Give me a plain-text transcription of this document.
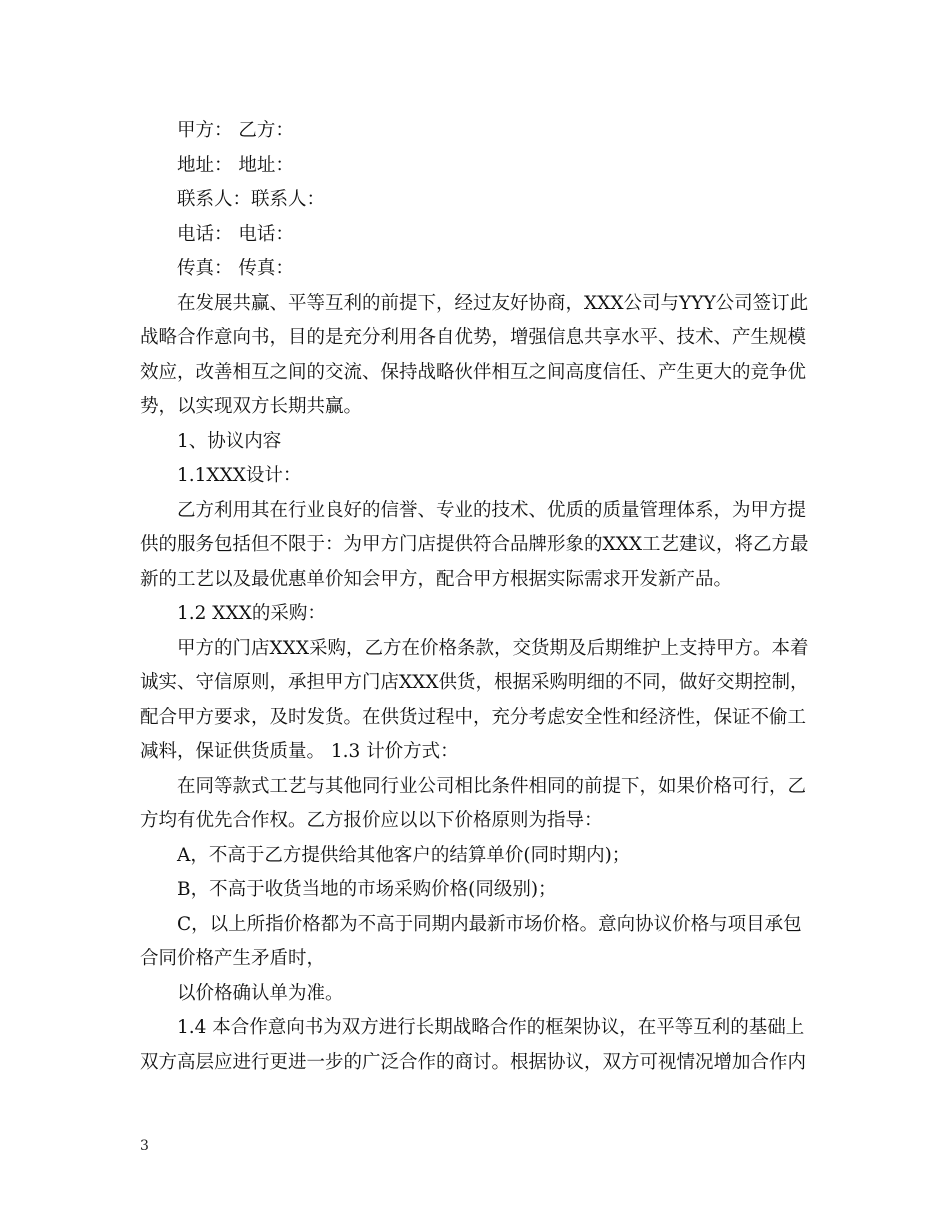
甲方： 乙方：
地址： 地址：
联系人：联系人：
电话： 电话：
传真： 传真：
在发展共赢、平等互利的前提下，经过友好协商，XXX公司与YYY公司签订此
战略合作意向书，目的是充分利用各自优势，增强信息共享水平、技术、产生规模
效应，改善相互之间的交流、保持战略伙伴相互之间高度信任、产生更大的竞争优
势，以实现双方长期共赢。
1、协议内容
1.1XXX设计：
乙方利用其在行业良好的信誉、专业的技术、优质的质量管理体系，为甲方提
供的服务包括但不限于：为甲方门店提供符合品牌形象的XXX工艺建议，将乙方最
新的工艺以及最优惠单价知会甲方，配合甲方根据实际需求开发新产品。
1.2 XXX的采购：
甲方的门店XXX采购，乙方在价格条款，交货期及后期维护上支持甲方。本着
诚实、守信原则，承担甲方门店XXX供货，根据采购明细的不同，做好交期控制，
配合甲方要求，及时发货。在供货过程中，充分考虑安全性和经济性，保证不偷工
减料，保证供货质量。 1.3 计价方式：
在同等款式工艺与其他同行业公司相比条件相同的前提下，如果价格可行，乙
方均有优先合作权。乙方报价应以以下价格原则为指导：
A，不高于乙方提供给其他客户的结算单价(同时期内)；
B，不高于收货当地的市场采购价格(同级别)；
C，以上所指价格都为不高于同期内最新市场价格。意向协议价格与项目承包
合同价格产生矛盾时，
以价格确认单为准。
1.4 本合作意向书为双方进行长期战略合作的框架协议，在平等互利的基础上
双方高层应进行更进一步的广泛合作的商讨。根据协议，双方可视情况增加合作内
3
